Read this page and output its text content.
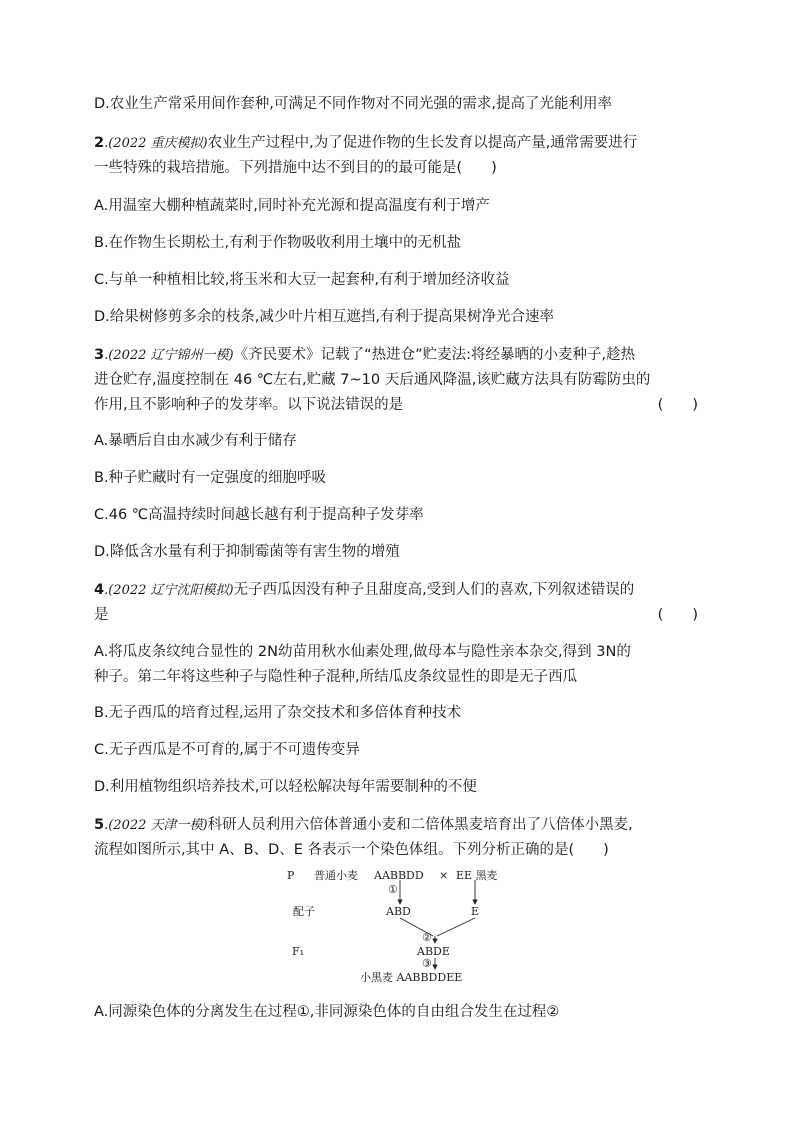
D.农业生产常采用间作套种,可满足不同作物对不同光强的需求,提高了光能利用率
2.(2022 重庆模拟)农业生产过程中,为了促进作物的生长发育以提高产量,通常需要进行
一些特殊的栽培措施。下列措施中达不到目的的最可能是(　　)
A.用温室大棚种植蔬菜时,同时补充光源和提高温度有利于增产
B.在作物生长期松土,有利于作物吸收利用土壤中的无机盐
C.与单一种植相比较,将玉米和大豆一起套种,有利于增加经济收益
D.给果树修剪多余的枝条,减少叶片相互遮挡,有利于提高果树净光合速率
3.(2022 辽宁锦州一模)《齐民要术》记载了“热进仓”贮麦法:将经暴晒的小麦种子,趁热
进仓贮存,温度控制在 46 ℃左右,贮藏 7~10 天后通风降温,该贮藏方法具有防霉防虫的
作用,且不影响种子的发芽率。以下说法错误的是	(　　)
A.暴晒后自由水减少有利于储存
B.种子贮藏时有一定强度的细胞呼吸
C.46 ℃高温持续时间越长越有利于提高种子发芽率
D.降低含水量有利于抑制霉菌等有害生物的增殖
4.(2022 辽宁沈阳模拟)无子西瓜因没有种子且甜度高,受到人们的喜欢,下列叙述错误的
是	(　　)
A.将瓜皮条纹纯合显性的 2N幼苗用秋水仙素处理,做母本与隐性亲本杂交,得到 3N的
种子。第二年将这些种子与隐性种子混种,所结瓜皮条纹显性的即是无子西瓜
B.无子西瓜的培育过程,运用了杂交技术和多倍体育种技术
C.无子西瓜是不可育的,属于不可遗传变异
D.利用植物组织培养技术,可以轻松解决每年需要制种的不便
5.(2022 天津一模)科研人员利用六倍体普通小麦和二倍体黑麦培育出了八倍体小黑麦,
流程如图所示,其中 A、B、D、E 各表示一个染色体组。下列分析正确的是(　　)
P 普通小麦 AABBDD × EE 黑麦
①
配子	ABD	E
②
F₁	ABDE
③
小黑麦 AABBDDEE
A.同源染色体的分离发生在过程①,非同源染色体的自由组合发生在过程②
